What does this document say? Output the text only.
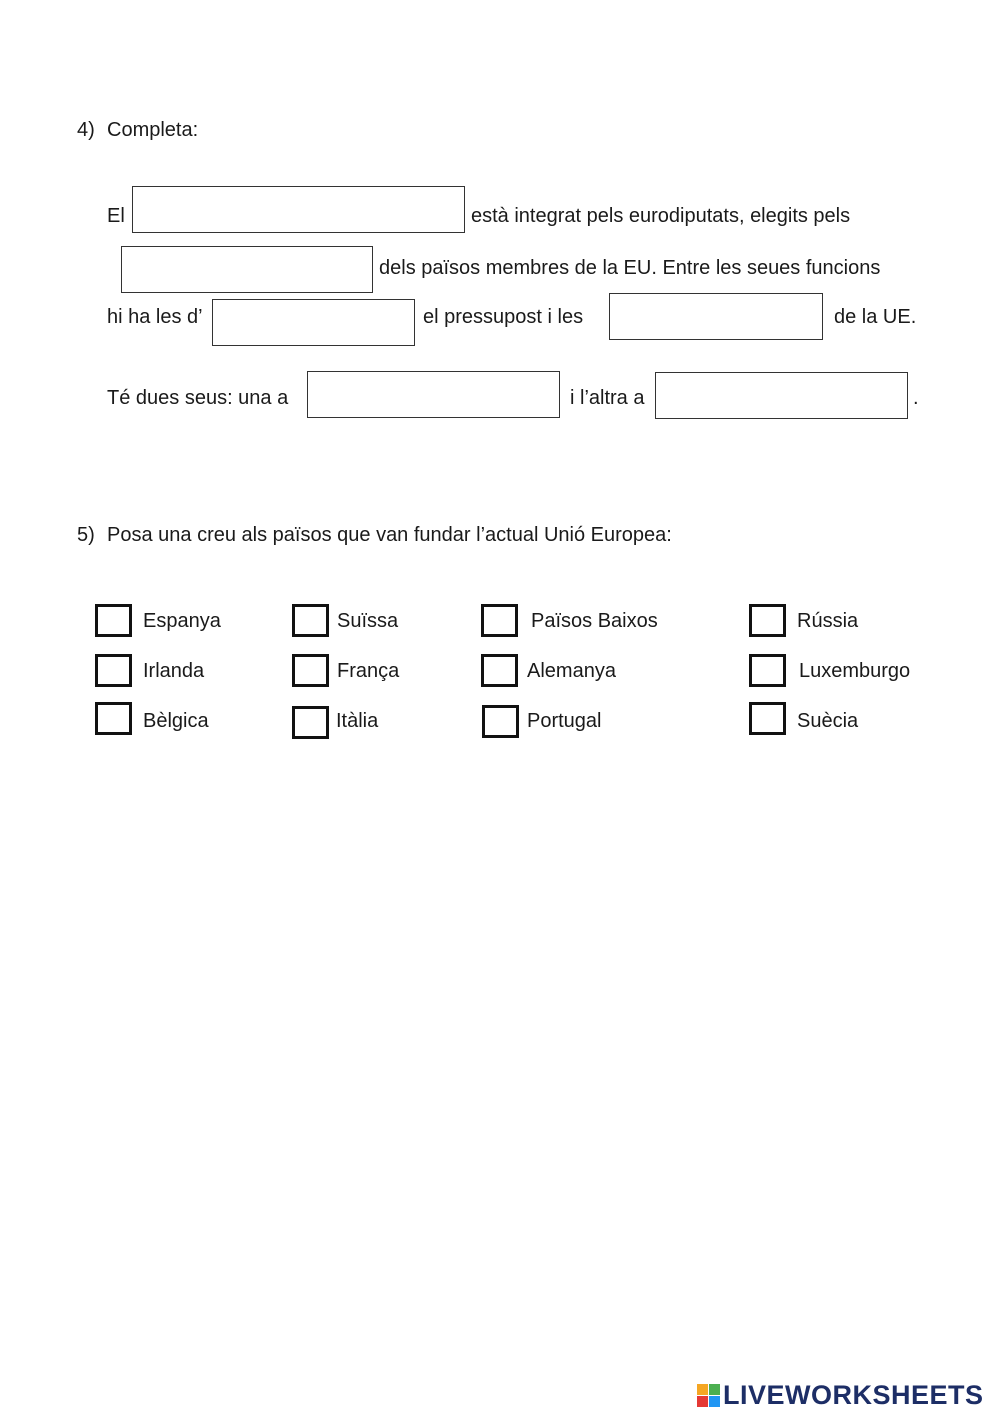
4) Completa:
El	està integrat pels eurodiputats, elegits pels
dels països membres de la EU. Entre les seues funcions
hi ha les d’	el pressupost i les	de la UE.
Té dues seus: una a	i l’altra a	.
5) Posa una creu als països que van fundar l’actual Unió Europea:
Espanya	Suïssa	Països Baixos	Rússia
Irlanda	França	Alemanya	Luxemburgo
Bèlgica	Itàlia	Portugal	Suècia
LIVEWORKSHEETS
